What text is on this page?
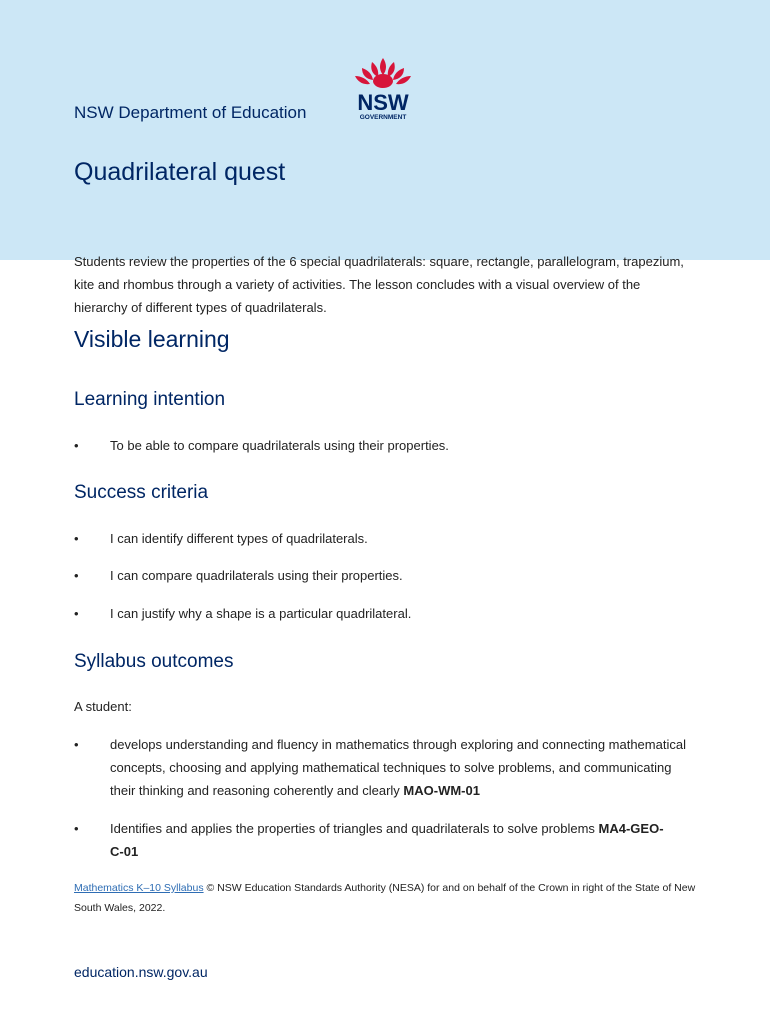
NSW Department of Education NSW
GOVERNMENT
Quadrilateral quest

Students review the properties of the 6 special quadrilaterals: square, rectangle, parallelogram, trapezium, kite and rhombus through a variety of activities. The lesson concludes with a visual overview of the hierarchy of different types of quadrilaterals.

Visible learning
Learning intention
• To be able to compare quadrilaterals using their properties.
Success criteria
• I can identify different types of quadrilaterals.
• I can compare quadrilaterals using their properties.
• I can justify why a shape is a particular quadrilateral.
Syllabus outcomes
A student:
• develops understanding and fluency in mathematics through exploring and connecting mathematical concepts, choosing and applying mathematical techniques to solve problems, and communicating their thinking and reasoning coherently and clearly MAO-WM-01
• Identifies and applies the properties of triangles and quadrilaterals to solve problems MA4-GEO-C-01

Mathematics K–10 Syllabus © NSW Education Standards Authority (NESA) for and on behalf of the Crown in right of the State of New South Wales, 2022.

education.nsw.gov.au
